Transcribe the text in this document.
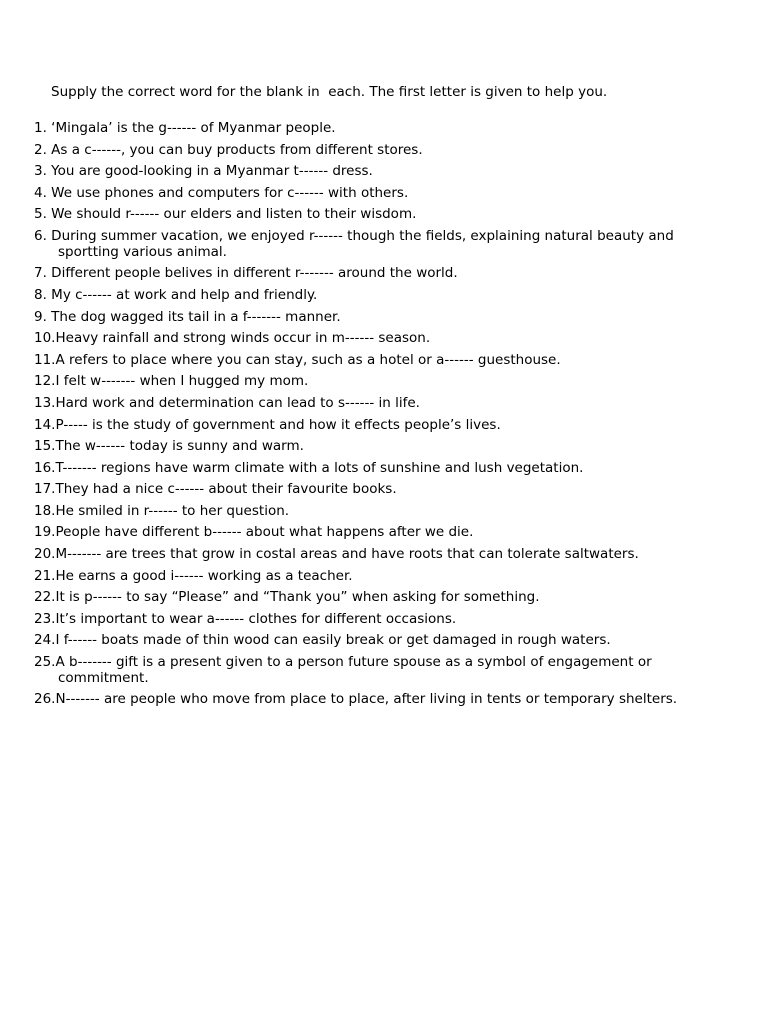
Supply the correct word for the blank in  each. The first letter is given to help you.
1. ‘Mingala’ is the g------ of Myanmar people.
2. As a c------, you can buy products from different stores.
3. You are good-looking in a Myanmar t------ dress.
4. We use phones and computers for c------ with others.
5. We should r------ our elders and listen to their wisdom.
6. During summer vacation, we enjoyed r------ though the fields, explaining natural beauty and sportting various animal.
7. Different people belives in different r------- around the world.
8. My c------ at work and help and friendly.
9. The dog wagged its tail in a f------- manner.
10.Heavy rainfall and strong winds occur in m------ season.
11.A refers to place where you can stay, such as a hotel or a------ guesthouse.
12.I felt w------- when I hugged my mom.
13.Hard work and determination can lead to s------ in life.
14.P----- is the study of government and how it effects people’s lives.
15.The w------ today is sunny and warm.
16.T------- regions have warm climate with a lots of sunshine and lush vegetation.
17.They had a nice c------ about their favourite books.
18.He smiled in r------ to her question.
19.People have different b------ about what happens after we die.
20.M------- are trees that grow in costal areas and have roots that can tolerate saltwaters.
21.He earns a good i------ working as a teacher.
22.It is p------ to say “Please” and “Thank you” when asking for something.
23.It’s important to wear a------ clothes for different occasions.
24.I f------ boats made of thin wood can easily break or get damaged in rough waters.
25.A b------- gift is a present given to a person future spouse as a symbol of engagement or commitment.
26.N------- are people who move from place to place, after living in tents or temporary shelters.
